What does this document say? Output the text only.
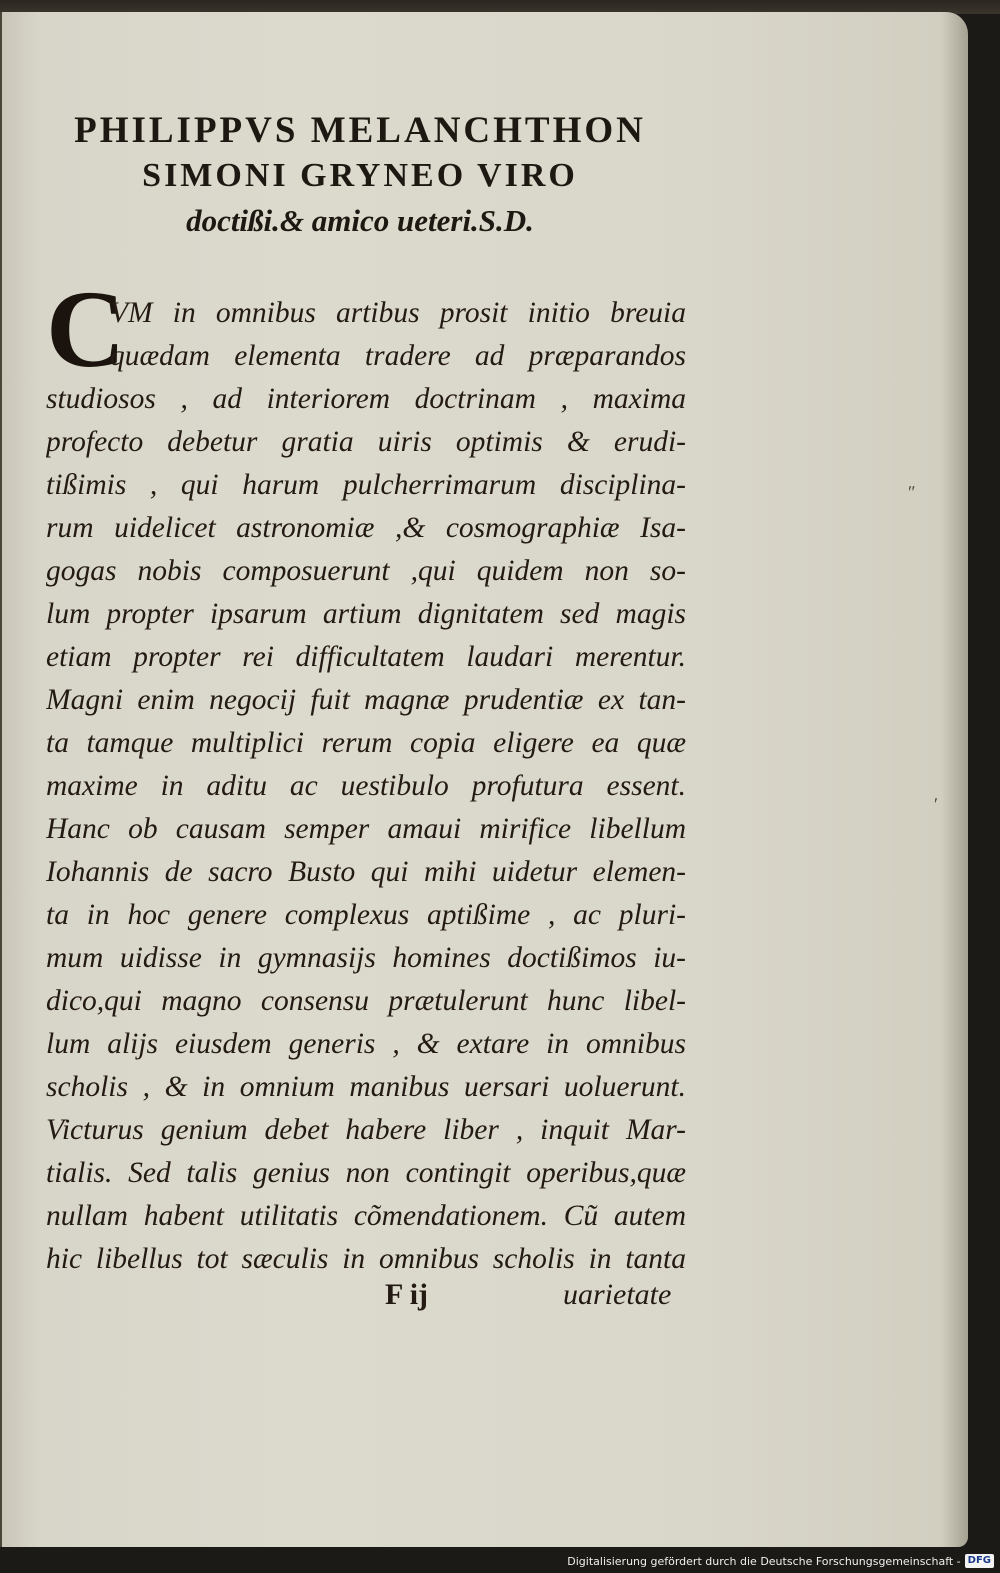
PHILIPPVS MELANCHTHON
SIMONI GRYNEO VIRO
doctißi.& amico ueteri.S.D.
C
VM in omnibus artibus prosit initio breuia
quædam elementa tradere ad præparandos
studiosos , ad interiorem doctrinam , maxima
profecto debetur gratia uiris optimis & erudi-
tißimis , qui harum pulcherrimarum disciplina-
rum uidelicet astronomiæ ,& cosmographiæ Isa-
gogas nobis composuerunt ,qui quidem non so-
lum propter ipsarum artium dignitatem sed magis
etiam propter rei difficultatem laudari merentur.
Magni enim negocij fuit magnæ prudentiæ ex tan-
ta tamque multiplici rerum copia eligere ea quæ
maxime in aditu ac uestibulo profutura essent.
Hanc ob causam semper amaui mirifice libellum
Iohannis de sacro Busto qui mihi uidetur elemen-
ta in hoc genere complexus aptißime , ac pluri-
mum uidisse in gymnasijs homines doctißimos iu-
dico,qui magno consensu prætulerunt hunc libel-
lum alijs eiusdem generis , & extare in omnibus
scholis , & in omnium manibus uersari uoluerunt.
Victurus genium debet habere liber , inquit Mar-
tialis. Sed talis genius non contingit operibus,quæ
nullam habent utilitatis cõmendationem. Cũ autem
hic libellus tot sæculis in omnibus scholis in tanta
F ij	uarietate
ʺ
ʹ
Digitalisierung gefördert durch die Deutsche Forschungsgemeinschaft - DFG
